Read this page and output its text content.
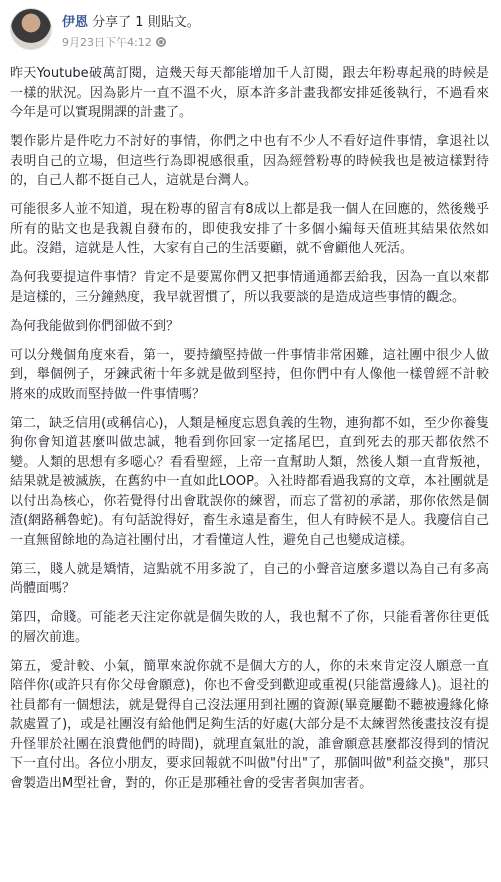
伊恩 分享了 1 則貼文。
9月23日下午4:12

昨天Youtube破萬訂閱，這幾天每天都能增加千人訂閱，跟去年粉專起飛的時候是一樣的狀況。因為影片一直不溫不火，原本許多計畫我都安排延後執行，不過看來今年是可以實現開課的計畫了。

製作影片是件吃力不討好的事情，你們之中也有不少人不看好這件事情，拿退社以表明自己的立場，但這些行為即視感很重，因為經營粉專的時候我也是被這樣對待的，自己人都不挺自己人，這就是台灣人。

可能很多人並不知道，現在粉專的留言有8成以上都是我一個人在回應的，然後幾乎所有的貼文也是我親自發布的，即使我安排了十多個小編每天值班其結果依然如此。沒錯，這就是人性，大家有自己的生活要顧，就不會顧他人死活。

為何我要提這件事情？肯定不是要罵你們又把事情通通都丟給我，因為一直以來都是這樣的，三分鐘熱度，我早就習慣了，所以我要談的是造成這些事情的觀念。

為何我能做到你們卻做不到？

可以分幾個角度來看，第一，要持續堅持做一件事情非常困難，這社團中很少人做到，舉個例子，牙鍊武術十年多就是做到堅持，但你們中有人像他一樣曾經不計較將來的成敗而堅持做一件事情嗎？

第二，缺乏信用(或稱信心)，人類是極度忘恩負義的生物，連狗都不如，至少你養隻狗你會知道甚麼叫做忠誠，牠看到你回家一定搖尾巴，直到死去的那天都依然不變。人類的思想有多噁心？看看聖經，上帝一直幫助人類，然後人類一直背叛祂，結果就是被滅族，在舊約中一直如此LOOP。入社時都看過我寫的文章，本社團就是以付出為核心，你若覺得付出會耽誤你的練習，而忘了當初的承諾，那你依然是個渣(網路稱魯蛇)。有句話說得好，畜生永遠是畜生，但人有時候不是人。我慶信自己一直無留餘地的為這社團付出，才看懂這人性，避免自己也變成這樣。

第三，賤人就是矯情，這點就不用多說了，自己的小聲音這麼多還以為自己有多高尚體面嗎？

第四，命賤。可能老天注定你就是個失敗的人，我也幫不了你，只能看著你往更低的層次前進。

第五，愛計較、小氣，簡單來說你就不是個大方的人，你的未來肯定沒人願意一直陪伴你(或許只有你父母會願意)，你也不會受到歡迎或重視(只能當邊緣人)。退社的社員都有一個想法，就是覺得自己沒法運用到社團的資源(畢竟屢勸不聽被邊緣化條款處置了)，或是社團沒有給他們足夠生活的好處(大部分是不太練習然後畫技沒有提升怪罪於社團在浪費他們的時間)，就理直氣壯的說，誰會願意甚麼都沒得到的情況下一直付出。各位小朋友，要求回報就不叫做"付出"了，那個叫做"利益交換"，那只會製造出M型社會，對的，你正是那種社會的受害者與加害者。
